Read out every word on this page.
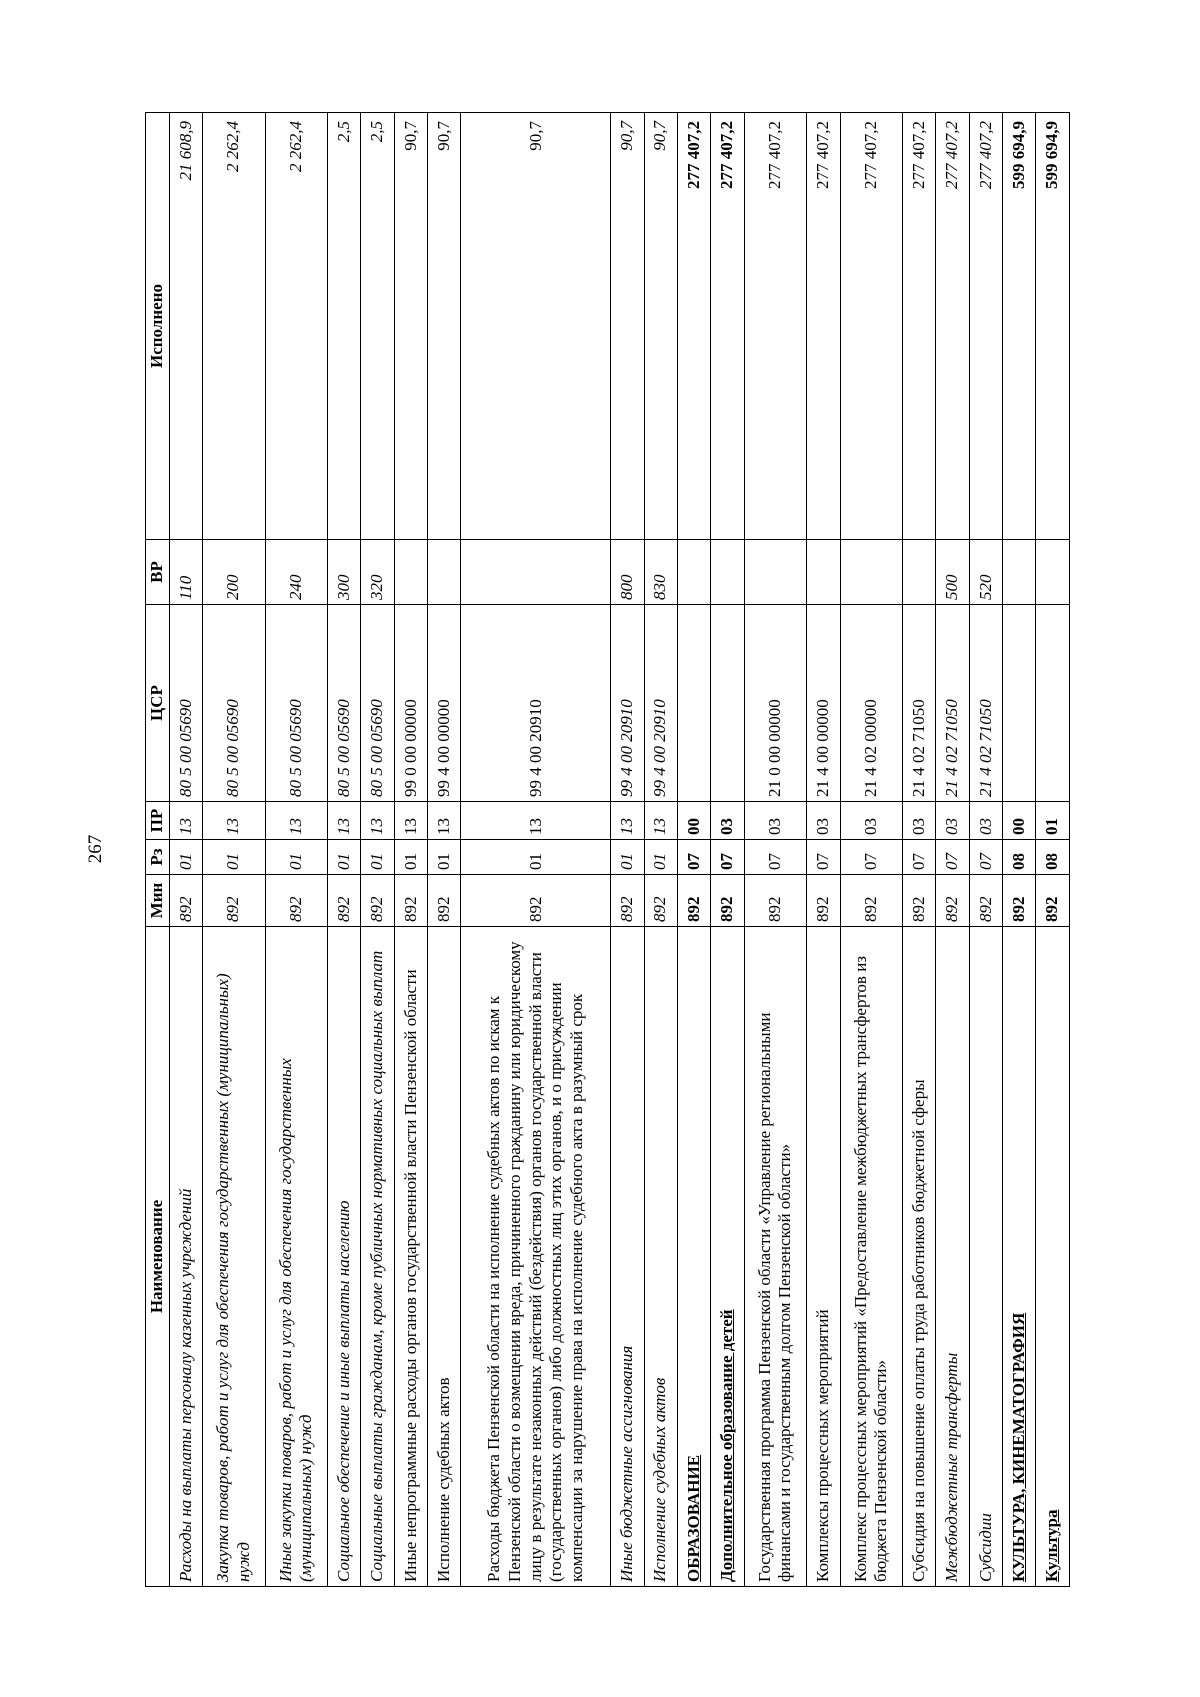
267
Наименование	Мин	Рз	ПР	ЦСР	ВР	Исполнено
Расходы на выплаты персоналу казенных учреждений	892	01	13	80 5 00 05690	110	21 608,9
Закупка товаров, работ и услуг для обеспечения государственных (муниципальных) нужд	892	01	13	80 5 00 05690	200	2 262,4
Иные закупки товаров, работ и услуг для обеспечения государственных (муниципальных) нужд	892	01	13	80 5 00 05690	240	2 262,4
Социальное обеспечение и иные выплаты населению	892	01	13	80 5 00 05690	300	2,5
Социальные выплаты гражданам, кроме публичных нормативных социальных выплат	892	01	13	80 5 00 05690	320	2,5
Иные непрограммные расходы органов государственной власти Пензенской области	892	01	13	99 0 00 00000		90,7
Исполнение судебных актов	892	01	13	99 4 00 00000		90,7
Расходы бюджета Пензенской области на исполнение судебных актов по искам к Пензенской области о возмещении вреда, причиненного гражданину или юридическому лицу в результате незаконных действий (бездействия) органов государственной власти (государственных органов) либо должностных лиц этих органов, и о присуждении компенсации за нарушение права на исполнение судебного акта в разумный срок	892	01	13	99 4 00 20910		90,7
Иные бюджетные ассигнования	892	01	13	99 4 00 20910	800	90,7
Исполнение судебных актов	892	01	13	99 4 00 20910	830	90,7
ОБРАЗОВАНИЕ	892	07	00			277 407,2
Дополнительное образование детей	892	07	03			277 407,2
Государственная программа Пензенской области «Управление региональными финансами и государственным долгом Пензенской области»	892	07	03	21 0 00 00000		277 407,2
Комплексы процессных мероприятий	892	07	03	21 4 00 00000		277 407,2
Комплекс процессных мероприятий «Предоставление межбюджетных трансфертов из бюджета Пензенской области»	892	07	03	21 4 02 00000		277 407,2
Субсидия на повышение оплаты труда работников бюджетной сферы	892	07	03	21 4 02 71050		277 407,2
Межбюджетные трансферты	892	07	03	21 4 02 71050	500	277 407,2
Субсидии	892	07	03	21 4 02 71050	520	277 407,2
КУЛЬТУРА, КИНЕМАТОГРАФИЯ	892	08	00			599 694,9
Культура	892	08	01			599 694,9
